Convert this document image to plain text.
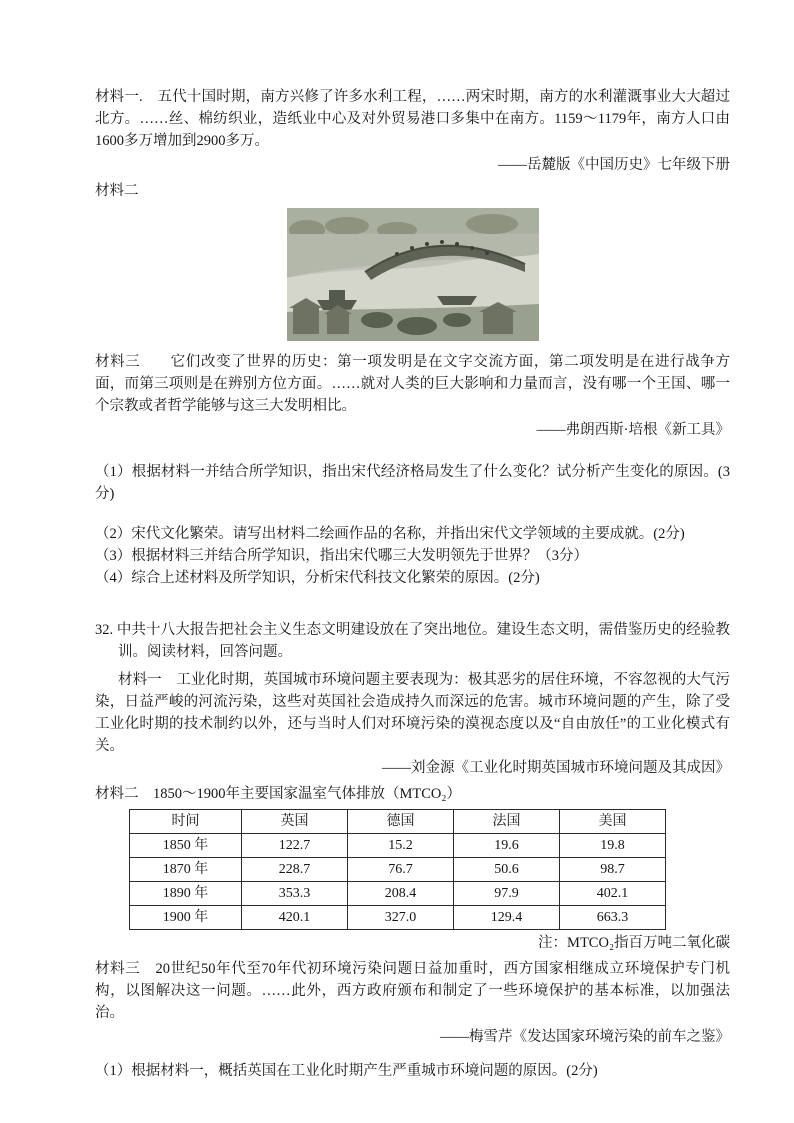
材料一.　五代十国时期，南方兴修了许多水利工程，……两宋时期，南方的水利灌溉事业大大超过北方。……丝、棉纺织业，造纸业中心及对外贸易港口多集中在南方。1159～1179年，南方人口由1600多万增加到2900多万。

——岳麓版《中国历史》七年级下册

材料二

材料三　　它们改变了世界的历史：第一项发明是在文字交流方面，第二项发明是在进行战争方面，而第三项则是在辨别方位方面。……就对人类的巨大影响和力量而言，没有哪一个王国、哪一个宗教或者哲学能够与这三大发明相比。

——弗朗西斯·培根《新工具》

（1）根据材料一并结合所学知识，指出宋代经济格局发生了什么变化？试分析产生变化的原因。(3分)

（2）宋代文化繁荣。请写出材料二绘画作品的名称，并指出宋代文学领域的主要成就。(2分)

（3）根据材料三并结合所学知识，指出宋代哪三大发明领先于世界？（3分）

（4）综合上述材料及所学知识，分析宋代科技文化繁荣的原因。(2分)

32. 中共十八大报告把社会主义生态文明建设放在了突出地位。建设生态文明，需借鉴历史的经验教训。阅读材料，回答问题。

材料一　工业化时期，英国城市环境问题主要表现为：极其恶劣的居住环境，不容忽视的大气污染，日益严峻的河流污染，这些对英国社会造成持久而深远的危害。城市环境问题的产生，除了受工业化时期的技术制约以外，还与当时人们对环境污染的漠视态度以及“自由放任”的工业化模式有关。

——刘金源《工业化时期英国城市环境问题及其成因》

材料二　1850～1900年主要国家温室气体排放（MTCO₂）

时间	英国	德国	法国	美国
1850 年	122.7	15.2	19.6	19.8
1870 年	228.7	76.7	50.6	98.7
1890 年	353.3	208.4	97.9	402.1
1900 年	420.1	327.0	129.4	663.3

注：MTCO₂指百万吨二氧化碳

材料三　20世纪50年代至70年代初环境污染问题日益加重时，西方国家相继成立环境保护专门机构，以图解决这一问题。……此外，西方政府颁布和制定了一些环境保护的基本标准，以加强法治。

——梅雪芹《发达国家环境污染的前车之鉴》

（1）根据材料一，概括英国在工业化时期产生严重城市环境问题的原因。(2分)
